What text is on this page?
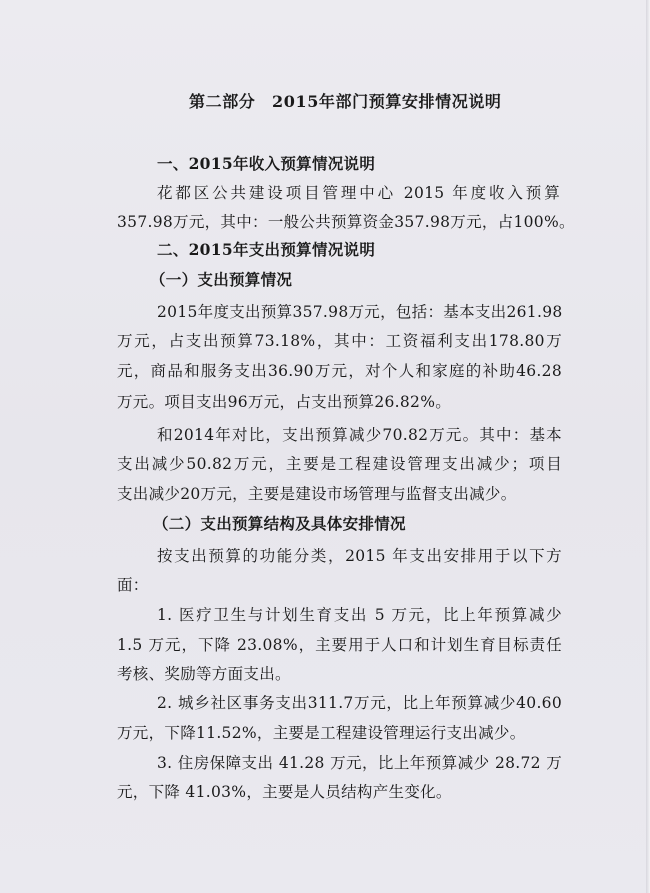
第二部分　2015年部门预算安排情况说明
一、2015年收入预算情况说明
花都区公共建设项目管理中心 2015 年度收入预算
357.98万元，其中：一般公共预算资金357.98万元，占100%。
二、2015年支出预算情况说明
（一）支出预算情况
2015年度支出预算357.98万元，包括：基本支出261.98
万元，占支出预算73.18%，其中：工资福利支出178.80万
元，商品和服务支出36.90万元，对个人和家庭的补助46.28
万元。项目支出96万元，占支出预算26.82%。
和2014年对比，支出预算减少70.82万元。其中：基本
支出减少50.82万元，主要是工程建设管理支出减少；项目
支出减少20万元，主要是建设市场管理与监督支出减少。
（二）支出预算结构及具体安排情况
按支出预算的功能分类，2015 年支出安排用于以下方
面：
1. 医疗卫生与计划生育支出 5 万元，比上年预算减少
1.5 万元，下降 23.08%，主要用于人口和计划生育目标责任
考核、奖励等方面支出。
2. 城乡社区事务支出311.7万元，比上年预算减少40.60
万元，下降11.52%，主要是工程建设管理运行支出减少。
3. 住房保障支出 41.28 万元，比上年预算减少 28.72 万
元，下降 41.03%，主要是人员结构产生变化。
